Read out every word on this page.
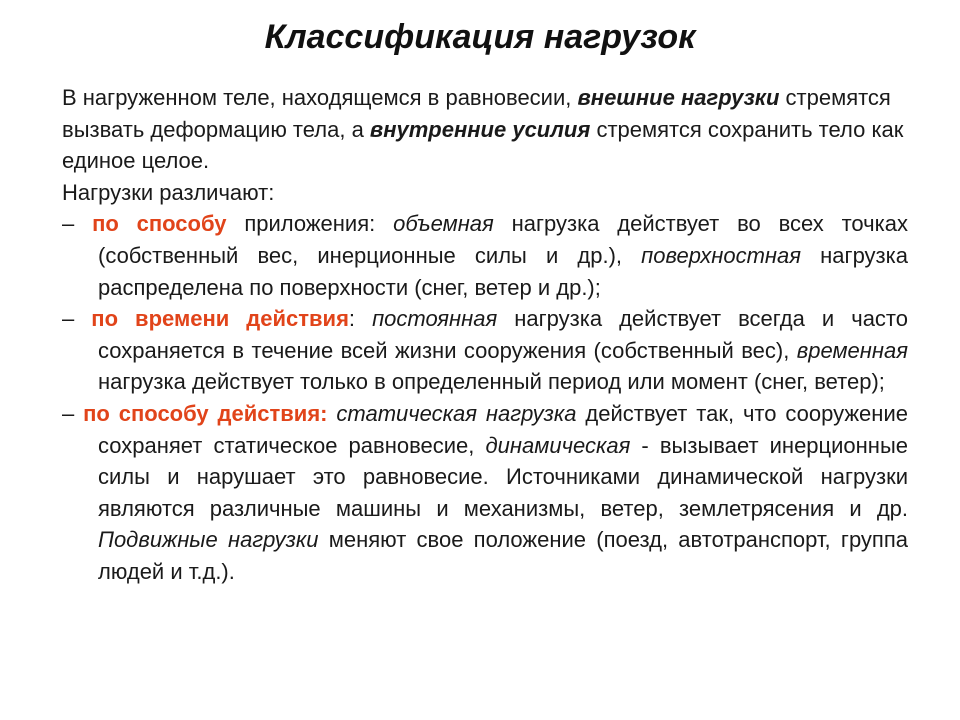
Классификация нагрузок

В нагруженном теле, находящемся в равновесии, внешние нагрузки стремятся вызвать деформацию тела, а внутренние усилия стремятся сохранить тело как единое целое.

Нагрузки различают:

– по способу приложения: объемная нагрузка действует во всех точках (собственный вес, инерционные силы и др.), поверхностная нагрузка распределена по поверхности (снег, ветер и др.);

– по времени действия: постоянная нагрузка действует всегда и часто сохраняется в течение всей жизни сооружения (собственный вес), временная нагрузка действует только в определенный период или момент (снег, ветер);

– по способу действия: статическая нагрузка действует так, что сооружение сохраняет статическое равновесие, динамическая - вызывает инерционные силы и нарушает это равновесие. Источниками динамической нагрузки являются различные машины и механизмы, ветер, землетрясения и др. Подвижные нагрузки меняют свое положение (поезд, автотранспорт, группа людей и т.д.).
